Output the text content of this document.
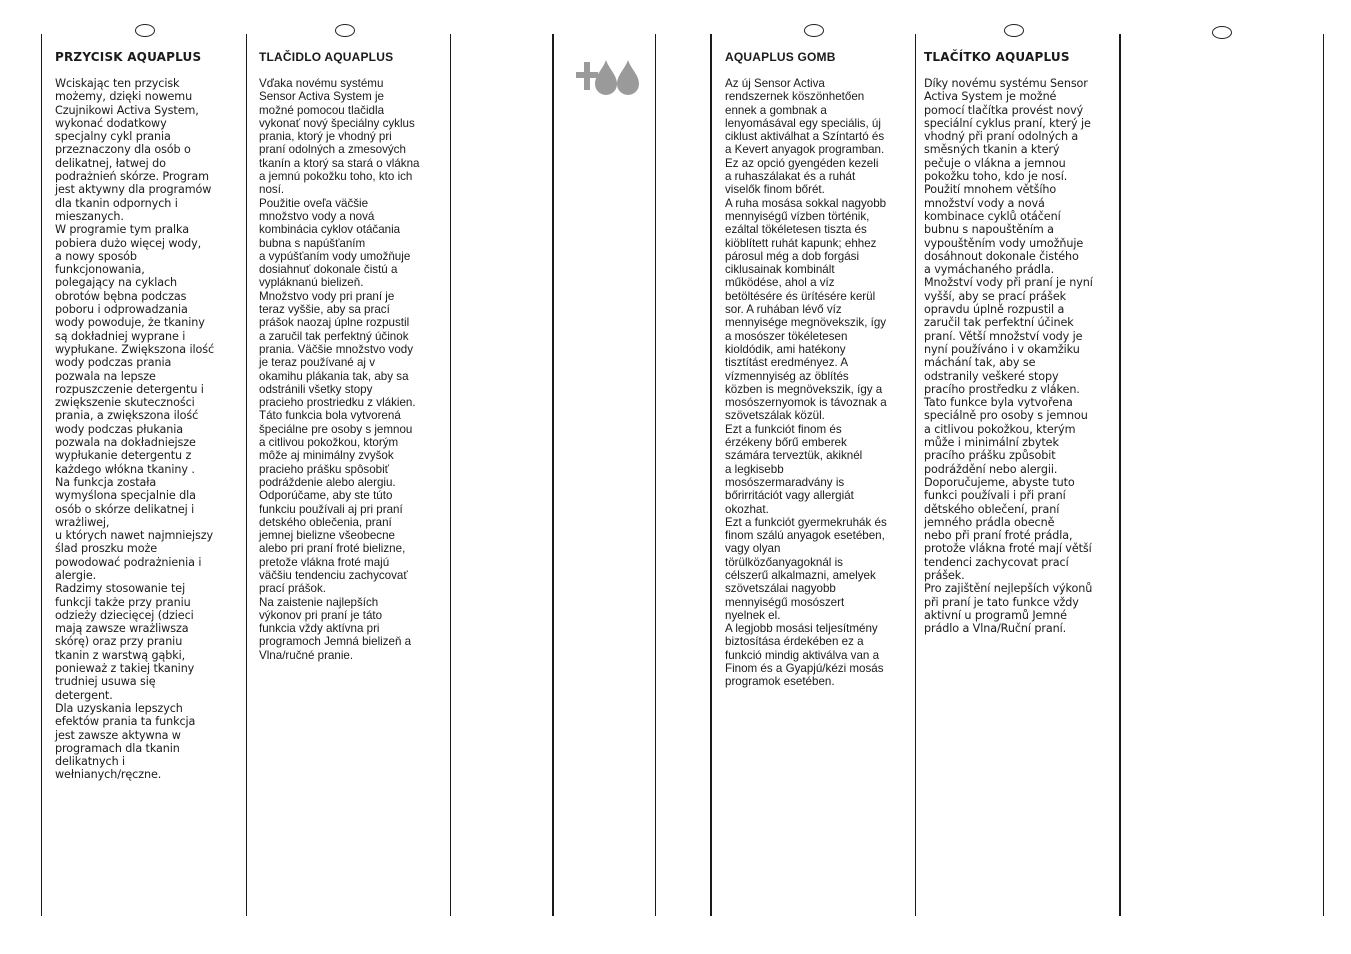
PRZYCISK AQUAPLUS

Wciskając ten przycisk
możemy, dzięki nowemu
Czujnikowi Activa System,
wykonać dodatkowy
specjalny cykl prania
przeznaczony dla osób o
delikatnej, łatwej do
podrażnień skórze. Program
jest aktywny dla programów
dla tkanin odpornych i
mieszanych.
W programie tym pralka
pobiera dużo więcej wody,
a nowy sposób
funkcjonowania,
polegający na cyklach
obrotów bębna podczas
poboru i odprowadzania
wody powoduje, że tkaniny
są dokładniej wyprane i
wypłukane. Zwiększona ilość
wody podczas prania
pozwala na lepsze
rozpuszczenie detergentu i
zwiększenie skuteczności
prania, a zwiększona ilość
wody podczas płukania
pozwala na dokładniejsze
wypłukanie detergentu z
każdego włókna tkaniny .
Na funkcja została
wymyślona specjalnie dla
osób o skórze delikatnej i
wrażliwej,
u których nawet najmniejszy
ślad proszku może
powodować podrażnienia i
alergie.
Radzimy stosowanie tej
funkcji także przy praniu
odzieży dziecięcej (dzieci
mają zawsze wrażliwsza
skórę) oraz przy praniu
tkanin z warstwą gąbki,
ponieważ z takiej tkaniny
trudniej usuwa się
detergent.
Dla uzyskania lepszych
efektów prania ta funkcja
jest zawsze aktywna w
programach dla tkanin
delikatnych i
wełnianych/ręczne.

TLAČIDLO AQUAPLUS

Vďaka novému systému
Sensor Activa System je
možné pomocou tlačidla
vykonať nový špeciálny cyklus
prania, ktorý je vhodný pri
praní odolných a zmesových
tkanín a ktorý sa stará o vlákna
a jemnú pokožku toho, kto ich
nosí.
Použitie oveľa väčšie
množstvo vody a nová
kombinácia cyklov otáčania
bubna s napúšťaním
a vypúšťaním vody umožňuje
dosiahnuť dokonale čistú a
vypláknanú bielizeň.
Množstvo vody pri praní je
teraz vyššie, aby sa prací
prášok naozaj úplne rozpustil
a zaručil tak perfektný účinok
prania. Väčšie množstvo vody
je teraz používané aj v
okamihu plákania tak, aby sa
odstránili všetky stopy
pracieho prostriedku z vlákien.
Táto funkcia bola vytvorená
špeciálne pre osoby s jemnou
a citlivou pokožkou, ktorým
môže aj minimálny zvyšok
pracieho prášku spôsobiť
podráždenie alebo alergiu.
Odporúčame, aby ste túto
funkciu používali aj pri praní
detského oblečenia, praní
jemnej bielizne všeobecne
alebo pri praní froté bielizne,
pretože vlákna froté majú
väčšiu tendenciu zachycovať
prací prášok.
Na zaistenie najlepších
výkonov pri praní je táto
funkcia vždy aktívna pri
programoch Jemná bielizeň a
Vlna/ručné pranie.

AQUAPLUS GOMB

Az új Sensor Activa
rendszernek köszönhetően
ennek a gombnak a
lenyomásával egy speciális, új
ciklust aktiválhat a Színtartó és
a Kevert anyagok programban.
Ez az opció gyengéden kezeli
a ruhaszálakat és a ruhát
viselők finom bőrét.
A ruha mosása sokkal nagyobb
mennyiségű vízben történik,
ezáltal tökéletesen tiszta és
kiöblített ruhát kapunk; ehhez
párosul még a dob forgási
ciklusainak kombinált
működése, ahol a víz
betöltésére és ürítésére kerül
sor. A ruhában lévő víz
mennyisége megnövekszik, így
a mosószer tökéletesen
kioldódik, ami hatékony
tisztítást eredményez. A
vízmennyiség az öblítés
közben is megnövekszik, így a
mosószernyomok is távoznak a
szövetszálak közül.
Ezt a funkciót finom és
érzékeny bőrű emberek
számára terveztük, akiknél
a legkisebb
mosószermaradvány is
bőrirritációt vagy allergiát
okozhat.
Ezt a funkciót gyermekruhák és
finom szálú anyagok esetében,
vagy olyan
törülközőanyagoknál is
célszerű alkalmazni, amelyek
szövetszálai nagyobb
mennyiségű mosószert
nyelnek el.
A legjobb mosási teljesítmény
biztosítása érdekében ez a
funkció mindig aktiválva van a
Finom és a Gyapjú/kézi mosás
programok esetében.

TLAČÍTKO AQUAPLUS

Díky novému systému Sensor
Activa System je možné
pomocí tlačítka provést nový
speciální cyklus praní, který je
vhodný při praní odolných a
směsných tkanin a který
pečuje o vlákna a jemnou
pokožku toho, kdo je nosí.
Použití mnohem většího
množství vody a nová
kombinace cyklů otáčení
bubnu s napouštěním a
vypouštěním vody umožňuje
dosáhnout dokonale čistého
a vymáchaného prádla.
Množství vody při praní je nyní
vyšší, aby se prací prášek
opravdu úplně rozpustil a
zaručil tak perfektní účinek
praní. Větší množství vody je
nyní používáno i v okamžiku
máchání tak, aby se
odstranily veškeré stopy
pracího prostředku z vláken.
Tato funkce byla vytvořena
speciálně pro osoby s jemnou
a citlivou pokožkou, kterým
může i minimální zbytek
pracího prášku způsobit
podráždění nebo alergii.
Doporučujeme, abyste tuto
funkci používali i při praní
dětského oblečení, praní
jemného prádla obecně
nebo při praní froté prádla,
protože vlákna froté mají větší
tendenci zachycovat prací
prášek.
Pro zajištění nejlepších výkonů
při praní je tato funkce vždy
aktivní u programů Jemné
prádlo a Vlna/Ruční praní.
